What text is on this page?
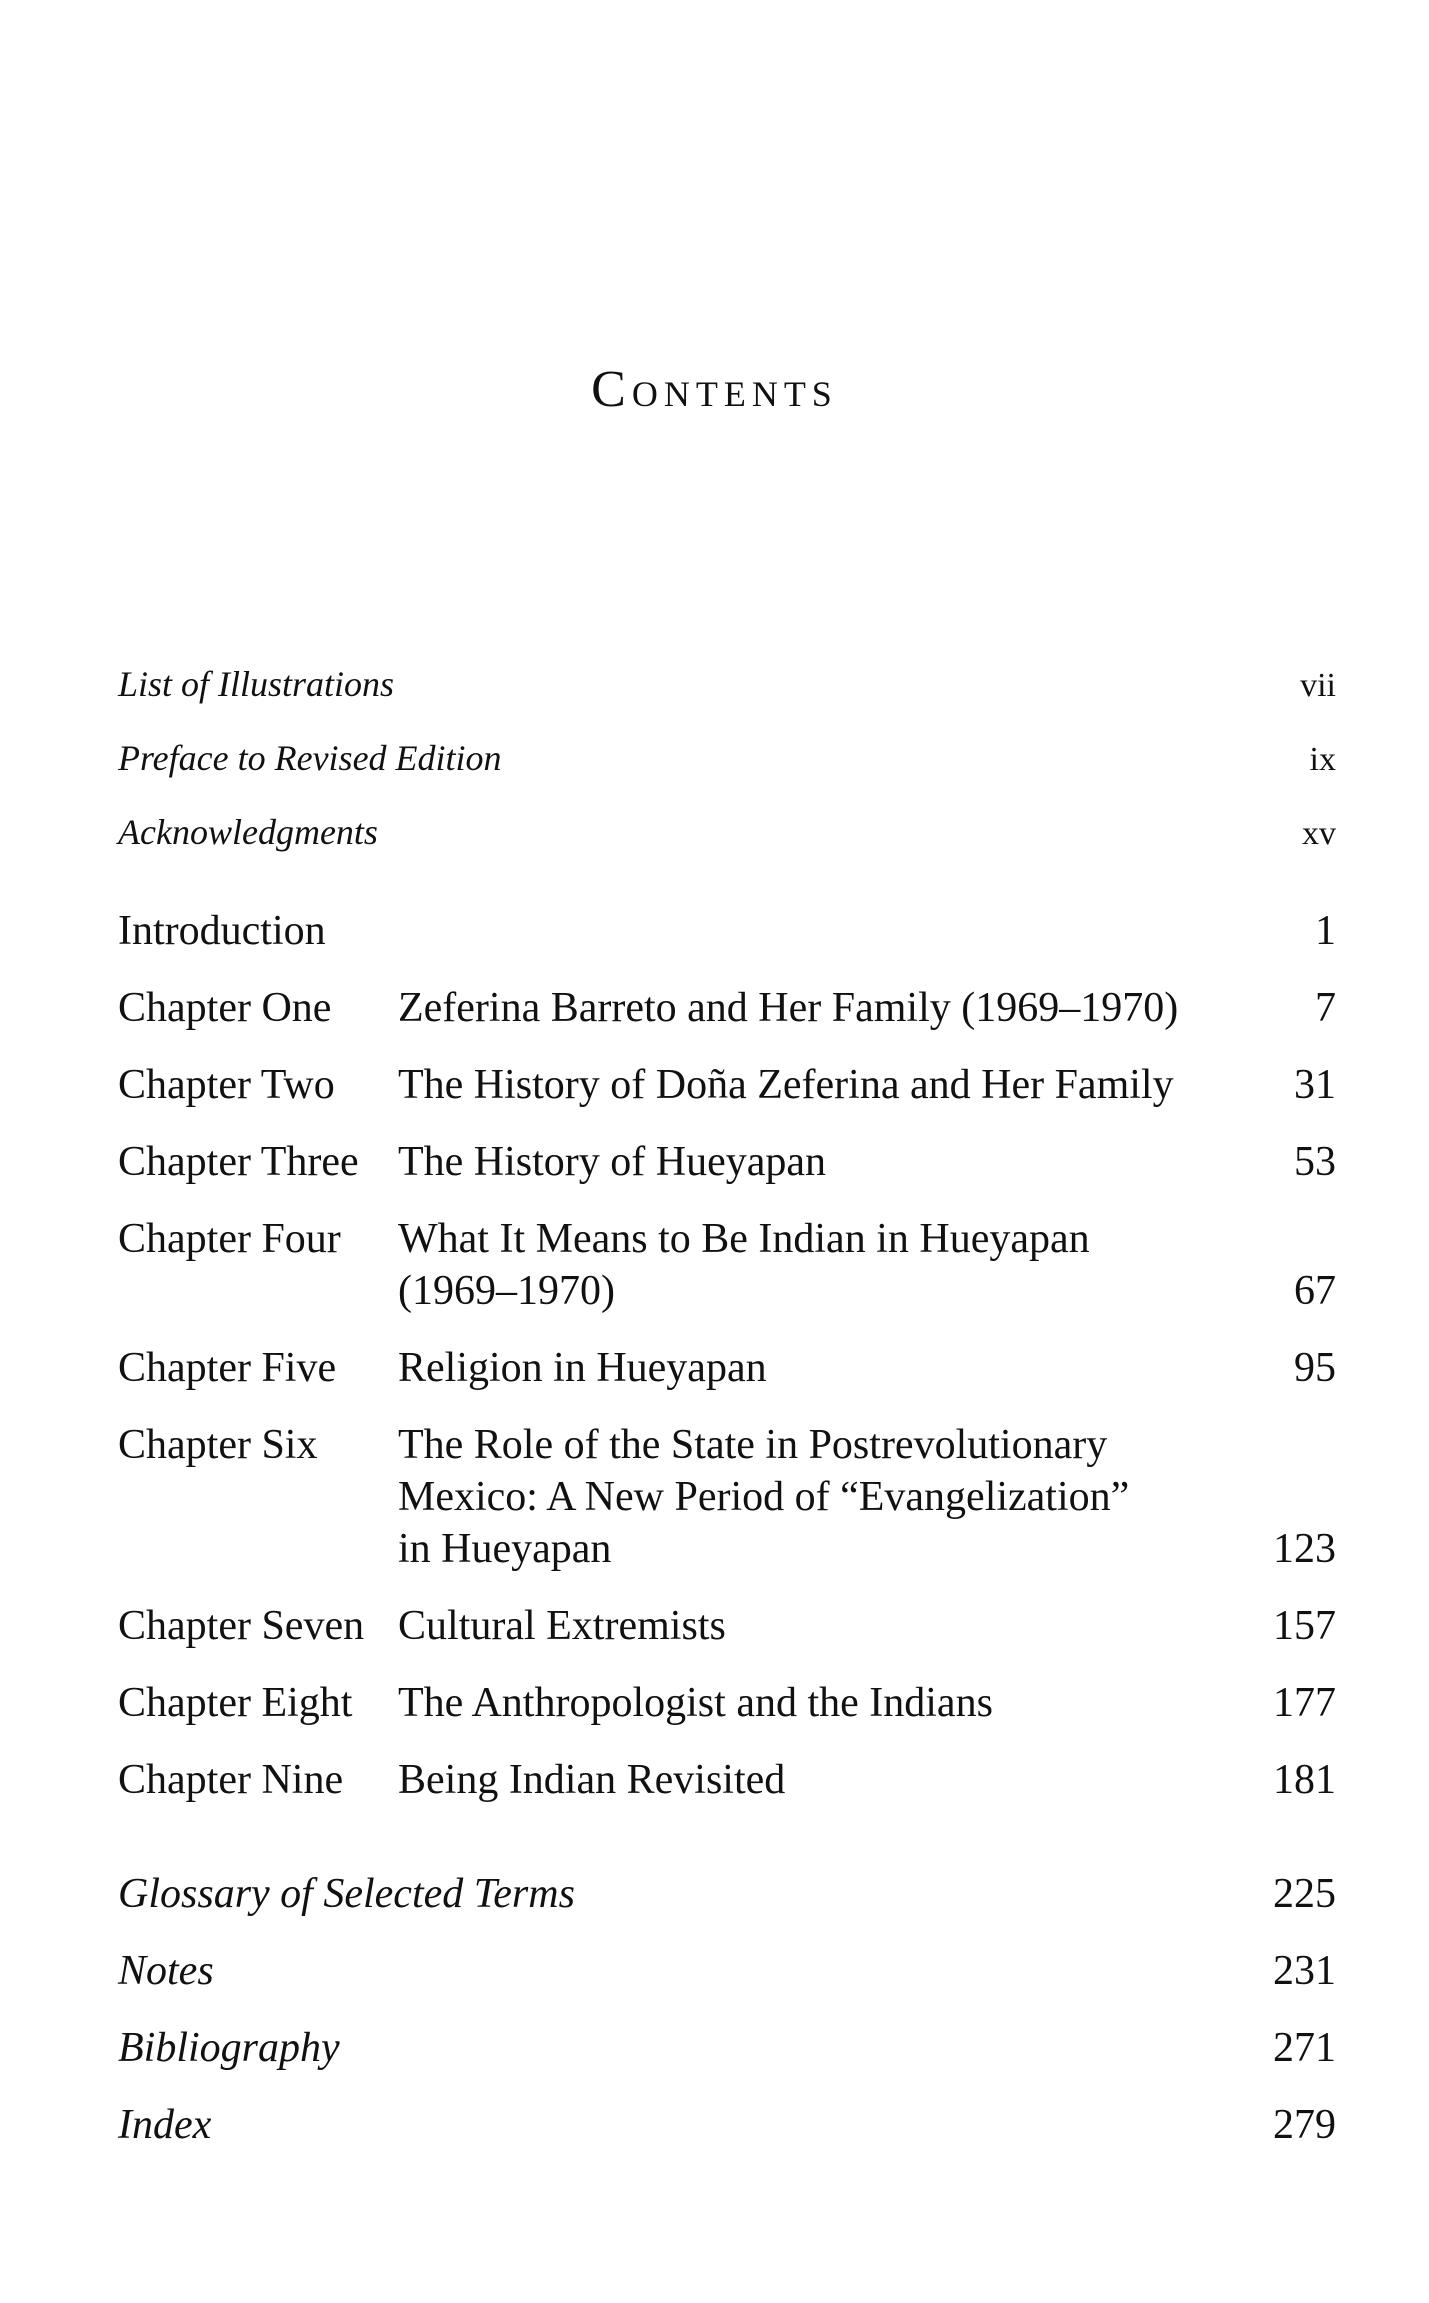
Contents
List of Illustrations	vii
Preface to Revised Edition	ix
Acknowledgments	xv
Introduction	1
Chapter One	Zeferina Barreto and Her Family (1969–1970)	7
Chapter Two	The History of Doña Zeferina and Her Family	31
Chapter Three The History of Hueyapan	53
Chapter Four	What It Means to Be Indian in Hueyapan
(1969–1970)	67
Chapter Five	Religion in Hueyapan	95
Chapter Six	The Role of the State in Postrevolutionary
Mexico: A New Period of “Evangelization”
in Hueyapan	123
Chapter Seven Cultural Extremists	157
Chapter Eight	The Anthropologist and the Indians	177
Chapter Nine	Being Indian Revisited	181
Glossary of Selected Terms	225
Notes	231
Bibliography	271
Index	279
